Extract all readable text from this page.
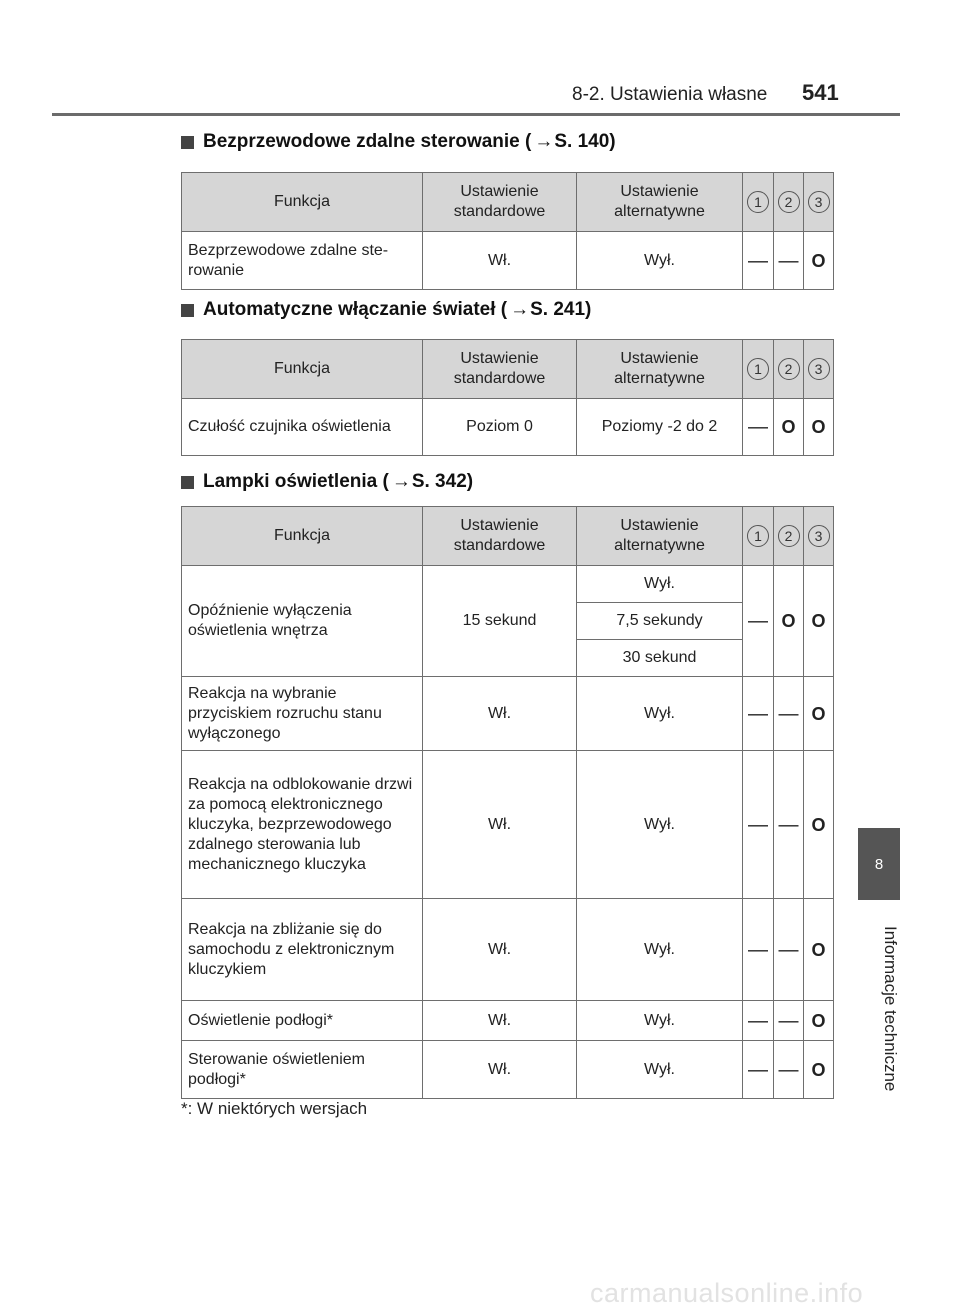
8-2. Ustawienia własne 541
8
Informacje techniczne
Bezprzewodowe zdalne sterowanie ( → S. 140)
Funkcja	Ustawienie standardowe	Ustawienie alternatywne	1	2	3
Bezprzewodowe zdalne ste-rowanie	Wł.	Wył.	—	—	O
Automatyczne włączanie świateł ( → S. 241)
Funkcja	Ustawienie standardowe	Ustawienie alternatywne	1	2	3
Czułość czujnika oświetlenia	Poziom 0	Poziomy -2 do 2	—	O	O
Lampki oświetlenia ( → S. 342)
Funkcja	Ustawienie standardowe	Ustawienie alternatywne	1	2	3
Opóźnienie wyłączenia oświetlenia wnętrza	15 sekund	Wył.	—	O	O
		7,5 sekundy			
		30 sekund			
Reakcja na wybranie przyciskiem rozruchu stanu wyłączonego	Wł.	Wył.	—	—	O
Reakcja na odblokowanie drzwi za pomocą elektronicznego kluczyka, bezprzewodowego zdalnego sterowania lub mechanicznego kluczyka	Wł.	Wył.	—	—	O
Reakcja na zbliżanie się do samochodu z elektronicznym kluczykiem	Wł.	Wył.	—	—	O
Oświetlenie podłogi*	Wł.	Wył.	—	—	O
Sterowanie oświetleniem podłogi*	Wł.	Wył.	—	—	O
*: W niektórych wersjach
carmanualsonline.info
